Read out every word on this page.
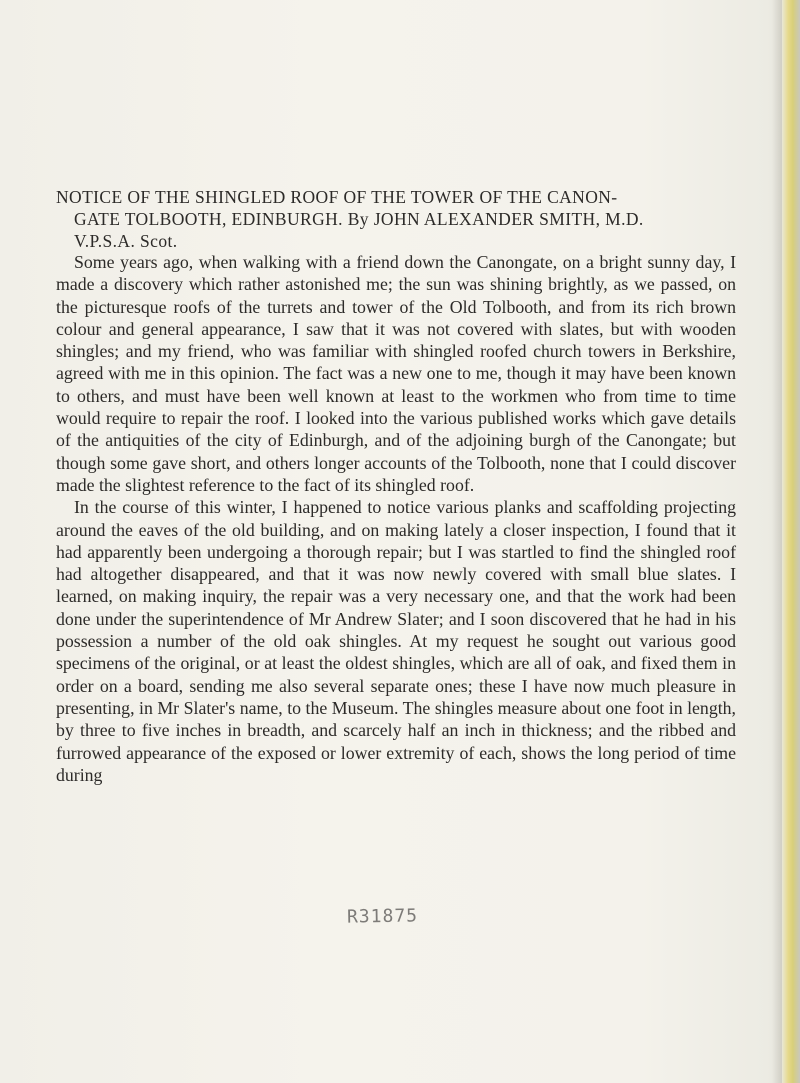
NOTICE OF THE SHINGLED ROOF OF THE TOWER OF THE CANON-
GATE TOLBOOTH, EDINBURGH. By JOHN ALEXANDER SMITH, M.D.
V.P.S.A. Scot.

Some years ago, when walking with a friend down the Canongate, on a bright sunny day, I made a discovery which rather astonished me; the sun was shining brightly, as we passed, on the picturesque roofs of the turrets and tower of the Old Tolbooth, and from its rich brown colour and general appearance, I saw that it was not covered with slates, but with wooden shingles; and my friend, who was familiar with shingled roofed church towers in Berkshire, agreed with me in this opinion. The fact was a new one to me, though it may have been known to others, and must have been well known at least to the workmen who from time to time would require to repair the roof. I looked into the various published works which gave details of the antiquities of the city of Edinburgh, and of the adjoining burgh of the Canongate; but though some gave short, and others longer accounts of the Tolbooth, none that I could discover made the slightest reference to the fact of its shingled roof.

In the course of this winter, I happened to notice various planks and scaffolding projecting around the eaves of the old building, and on making lately a closer inspection, I found that it had apparently been undergoing a thorough repair; but I was startled to find the shingled roof had altogether disappeared, and that it was now newly covered with small blue slates. I learned, on making inquiry, the repair was a very necessary one, and that the work had been done under the superintendence of Mr Andrew Slater; and I soon discovered that he had in his possession a number of the old oak shingles. At my request he sought out various good specimens of the original, or at least the oldest shingles, which are all of oak, and fixed them in order on a board, sending me also several separate ones; these I have now much pleasure in presenting, in Mr Slater's name, to the Museum. The shingles measure about one foot in length, by three to five inches in breadth, and scarcely half an inch in thickness; and the ribbed and furrowed appearance of the exposed or lower extremity of each, shows the long period of time during

R31875
